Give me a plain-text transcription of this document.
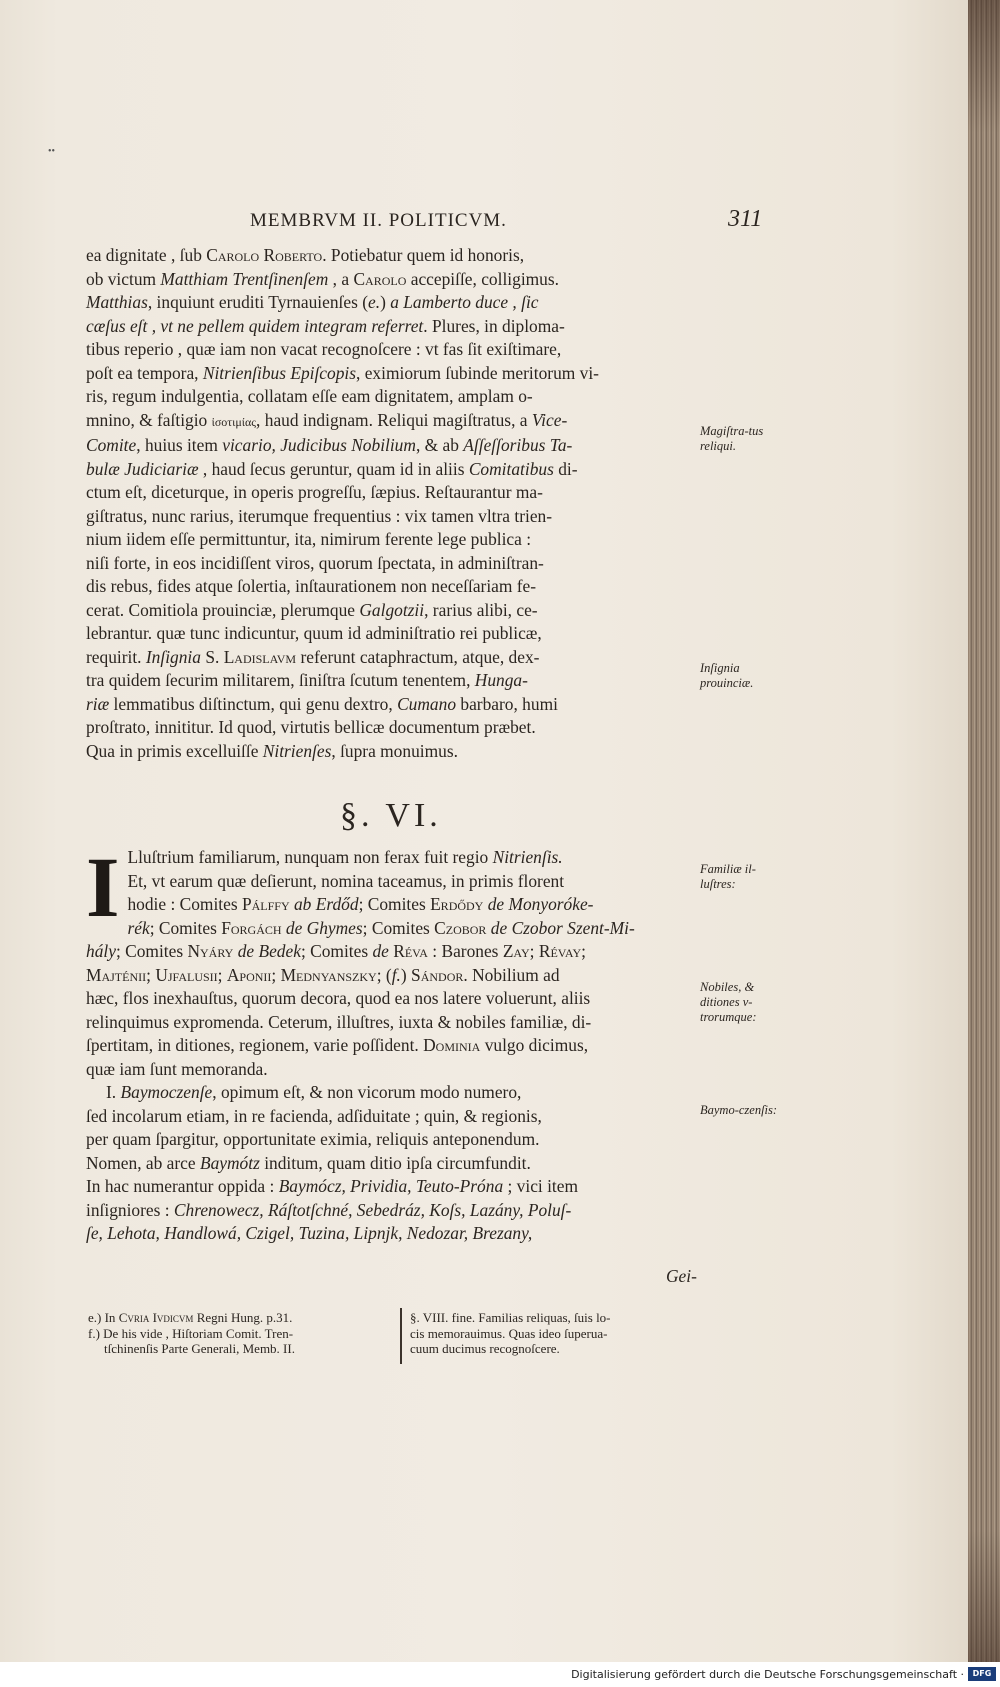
••
MEMBRVM II. POLITICVM.	311

ea dignitate , ſub Carolo Roberto. Potiebatur quem id honoris,

ob victum Matthiam Trentſinenſem , a Carolo accepiſſe, colligimus.

Matthias, inquiunt eruditi Tyrnauienſes (e.) a Lamberto duce , ſic

cæſus eſt , vt ne pellem quidem integram referret. Plures, in diploma-

tibus reperio , quæ iam non vacat recognoſcere : vt fas ſit exiſtimare,

poſt ea tempora, Nitrienſibus Epiſcopis, eximiorum ſubinde meritorum vi-

ris, regum indulgentia, collatam eſſe eam dignitatem, amplam o-

mnino, & faſtigio ἰσοτιμίας, haud indignam. Reliqui magiſtratus, a Vice-

Comite, huius item vicario, Judicibus Nobilium, & ab Aſſeſſoribus Ta-

bulæ Judiciariæ , haud ſecus geruntur, quam id in aliis Comitatibus di-

ctum eſt, diceturque, in operis progreſſu, ſæpius. Reſtaurantur ma-

giſtratus, nunc rarius, iterumque frequentius : vix tamen vltra trien-

nium iidem eſſe permittuntur, ita, nimirum ferente lege publica :

niſi forte, in eos incidiſſent viros, quorum ſpectata, in adminiſtran-

dis rebus, fides atque ſolertia, inſtaurationem non neceſſariam fe-

cerat. Comitiola prouinciæ, plerumque Galgotzii, rarius alibi, ce-

lebrantur. quæ tunc indicuntur, quum id adminiſtratio rei publicæ,

requirit. Inſignia S. Ladislavm referunt cataphractum, atque, dex-

tra quidem ſecurim militarem, ſiniſtra ſcutum tenentem, Hunga-

riæ lemmatibus diſtinctum, qui genu dextro, Cumano barbaro, humi

proſtrato, innititur. Id quod, virtutis bellicæ documentum præbet.

Qua in primis excelluiſſe Nitrienſes, ſupra monuimus.

Magiſtra-tus reliqui.
Inſignia prouinciæ.
§. VI.
I Lluſtrium familiarum, nunquam non ferax fuit regio Nitrienſis.

Et, vt earum quæ deſierunt, nomina taceamus, in primis florent

hodie : Comites Pálffy ab Erdőd; Comites Erdődy de Monyoróke-

rék; Comites Forgách de Ghymes; Comites Czobor de Czobor Szent-Mi-

hály; Comites Nyáry de Bedek; Comites de Réva : Barones Zay; Révay;

Majténii; Ujfalusii; Aponii; Mednyanszky; (f.) Sándor. Nobilium ad

hæc, flos inexhauſtus, quorum decora, quod ea nos latere voluerunt, aliis

relinquimus expromenda. Ceterum, illuſtres, iuxta & nobiles familiæ, di-

ſpertitam, in ditiones, regionem, varie poſſident. Dominia vulgo dicimus,

quæ iam ſunt memoranda.

I. Baymoczenſe, opimum eſt, & non vicorum modo numero,

ſed incolarum etiam, in re facienda, adſiduitate ; quin, & regionis,

per quam ſpargitur, opportunitate eximia, reliquis anteponendum.

Nomen, ab arce Baymótz inditum, quam ditio ipſa circumfundit.

In hac numerantur oppida : Baymócz, Prividia, Teuto-Próna ; vici item

inſigniores : Chrenowecz, Ráſtotſchné, Sebedráz, Koſs, Lazány, Poluſ-

ſe, Lehota, Handlowá, Czigel, Tuzina, Lipnjk, Nedozar, Brezany,

Gei-
Familiæ il-luſtres:
Nobiles, & ditiones v-trorumque:
Baymo-czenſis:
e.) In Cvria Ivdicvm Regni Hung. p.31.
f.) De his vide , Hiſtoriam Comit. Tren-
tſchinenſis Parte Generali, Memb. II.
§. VIII. fine. Familias reliquas, ſuis lo-
cis memorauimus. Quas ideo ſuperua-
cuum ducimus recognoſcere.
Digitalisierung gefördert durch die Deutsche Forschungsgemeinschaft ·	DFG
